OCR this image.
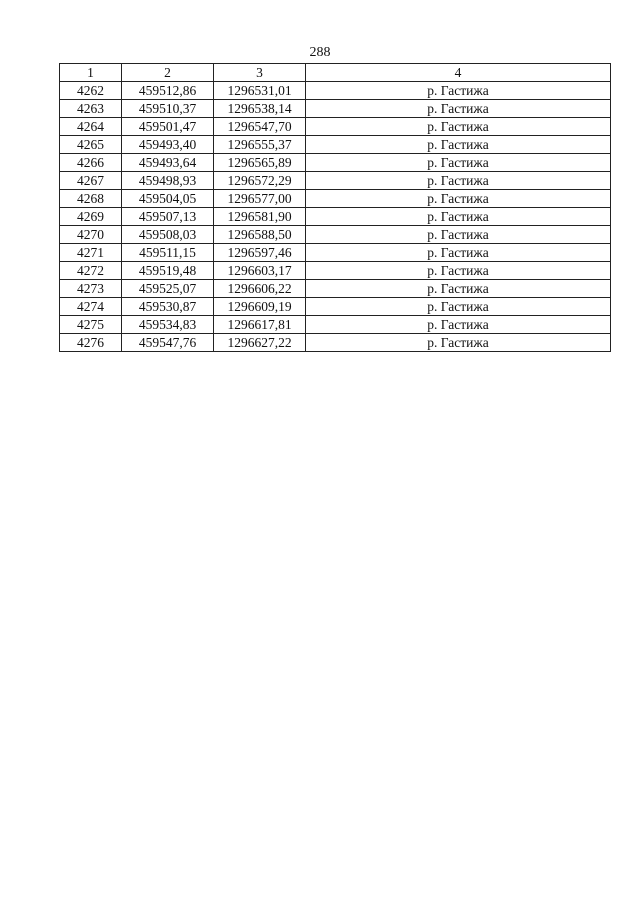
288
1	2	3	4
4262	459512,86	1296531,01	р. Гастижа
4263	459510,37	1296538,14	р. Гастижа
4264	459501,47	1296547,70	р. Гастижа
4265	459493,40	1296555,37	р. Гастижа
4266	459493,64	1296565,89	р. Гастижа
4267	459498,93	1296572,29	р. Гастижа
4268	459504,05	1296577,00	р. Гастижа
4269	459507,13	1296581,90	р. Гастижа
4270	459508,03	1296588,50	р. Гастижа
4271	459511,15	1296597,46	р. Гастижа
4272	459519,48	1296603,17	р. Гастижа
4273	459525,07	1296606,22	р. Гастижа
4274	459530,87	1296609,19	р. Гастижа
4275	459534,83	1296617,81	р. Гастижа
4276	459547,76	1296627,22	р. Гастижа
